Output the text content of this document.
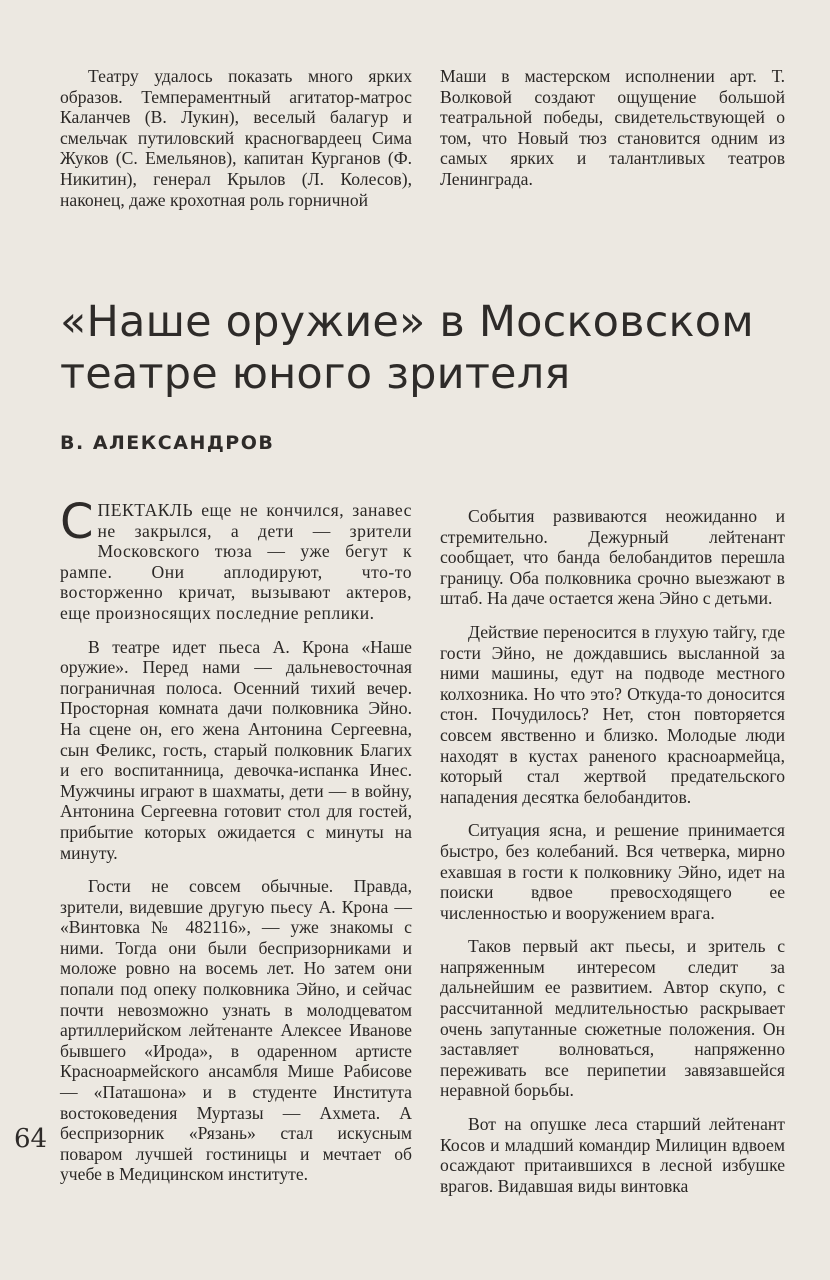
Театру удалось показать много ярких образов. Темпераментный агитатор-матрос Каланчев (В. Лукин), веселый балагур и смельчак путиловский красногвардеец Сима Жуков (С. Емельянов), капитан Курганов (Ф. Никитин), генерал Крылов (Л. Колесов), наконец, даже крохотная роль горничной

Маши в мастерском исполнении арт. Т. Волковой создают ощущение большой театральной победы, свидетельствующей о том, что Новый тюз становится одним из самых ярких и талантливых театров Ленинграда.

«Наше оружие» в Московском
театре юного зрителя
В. АЛЕКСАНДРОВ

СПЕКТАКЛЬ еще не кончился, занавес не закрылся, а дети — зрители Московского тюза — уже бегут к рампе. Они аплодируют, что-то восторженно кричат, вызывают актеров, еще произносящих последние реплики.

В театре идет пьеса А. Крона «Наше оружие». Перед нами — дальневосточная пограничная полоса. Осенний тихий вечер. Просторная комната дачи полковника Эйно. На сцене он, его жена Антонина Сергеевна, сын Феликс, гость, старый полковник Благих и его воспитанница, девочка-испанка Инес. Мужчины играют в шахматы, дети — в войну, Антонина Сергеевна готовит стол для гостей, прибытие которых ожидается с минуты на минуту.

Гости не совсем обычные. Правда, зрители, видевшие другую пьесу А. Крона — «Винтовка № 482116», — уже знакомы с ними. Тогда они были беспризорниками и моложе ровно на восемь лет. Но затем они попали под опеку полковника Эйно, и сейчас почти невозможно узнать в молодцеватом артиллерийском лейтенанте Алексее Иванове бывшего «Ирода», в одаренном артисте Красноармейского ансамбля Мише Рабисове — «Паташона» и в студенте Института востоковедения Муртазы — Ахмета. А беспризорник «Рязань» стал искусным поваром лучшей гостиницы и мечтает об учебе в Медицинском институте.

События развиваются неожиданно и стремительно. Дежурный лейтенант сообщает, что банда белобандитов перешла границу. Оба полковника срочно выезжают в штаб. На даче остается жена Эйно с детьми.

Действие переносится в глухую тайгу, где гости Эйно, не дождавшись высланной за ними машины, едут на подводе местного колхозника. Но что это? Откуда-то доносится стон. Почудилось? Нет, стон повторяется совсем явственно и близко. Молодые люди находят в кустах раненого красноармейца, который стал жертвой предательского нападения десятка белобандитов.

Ситуация ясна, и решение принимается быстро, без колебаний. Вся четверка, мирно ехавшая в гости к полковнику Эйно, идет на поиски вдвое превосходящего ее численностью и вооружением врага.

Таков первый акт пьесы, и зритель с напряженным интересом следит за дальнейшим ее развитием. Автор скупо, с рассчитанной медлительностью раскрывает очень запутанные сюжетные положения. Он заставляет волноваться, напряженно переживать все перипетии завязавшейся неравной борьбы.

Вот на опушке леса старший лейтенант Косов и младший командир Милицин вдвоем осаждают притаившихся в лесной избушке врагов. Видавшая виды винтовка

64
